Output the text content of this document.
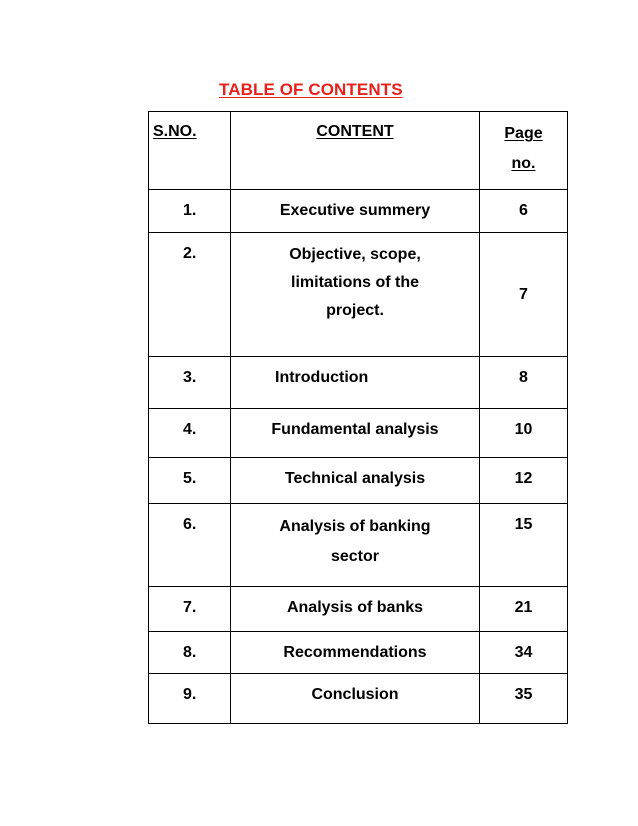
TABLE OF CONTENTS
S.NO.	CONTENT	Page
no.

1.	Executive summery	6

2.	Objective, scope,
limitations of the
project.	7

3.	Introduction	8

4.	Fundamental analysis	10

5.	Technical analysis	12

6.	Analysis of banking
sector	15

7.	Analysis of banks	21

8.	Recommendations	34

9.	Conclusion	35
